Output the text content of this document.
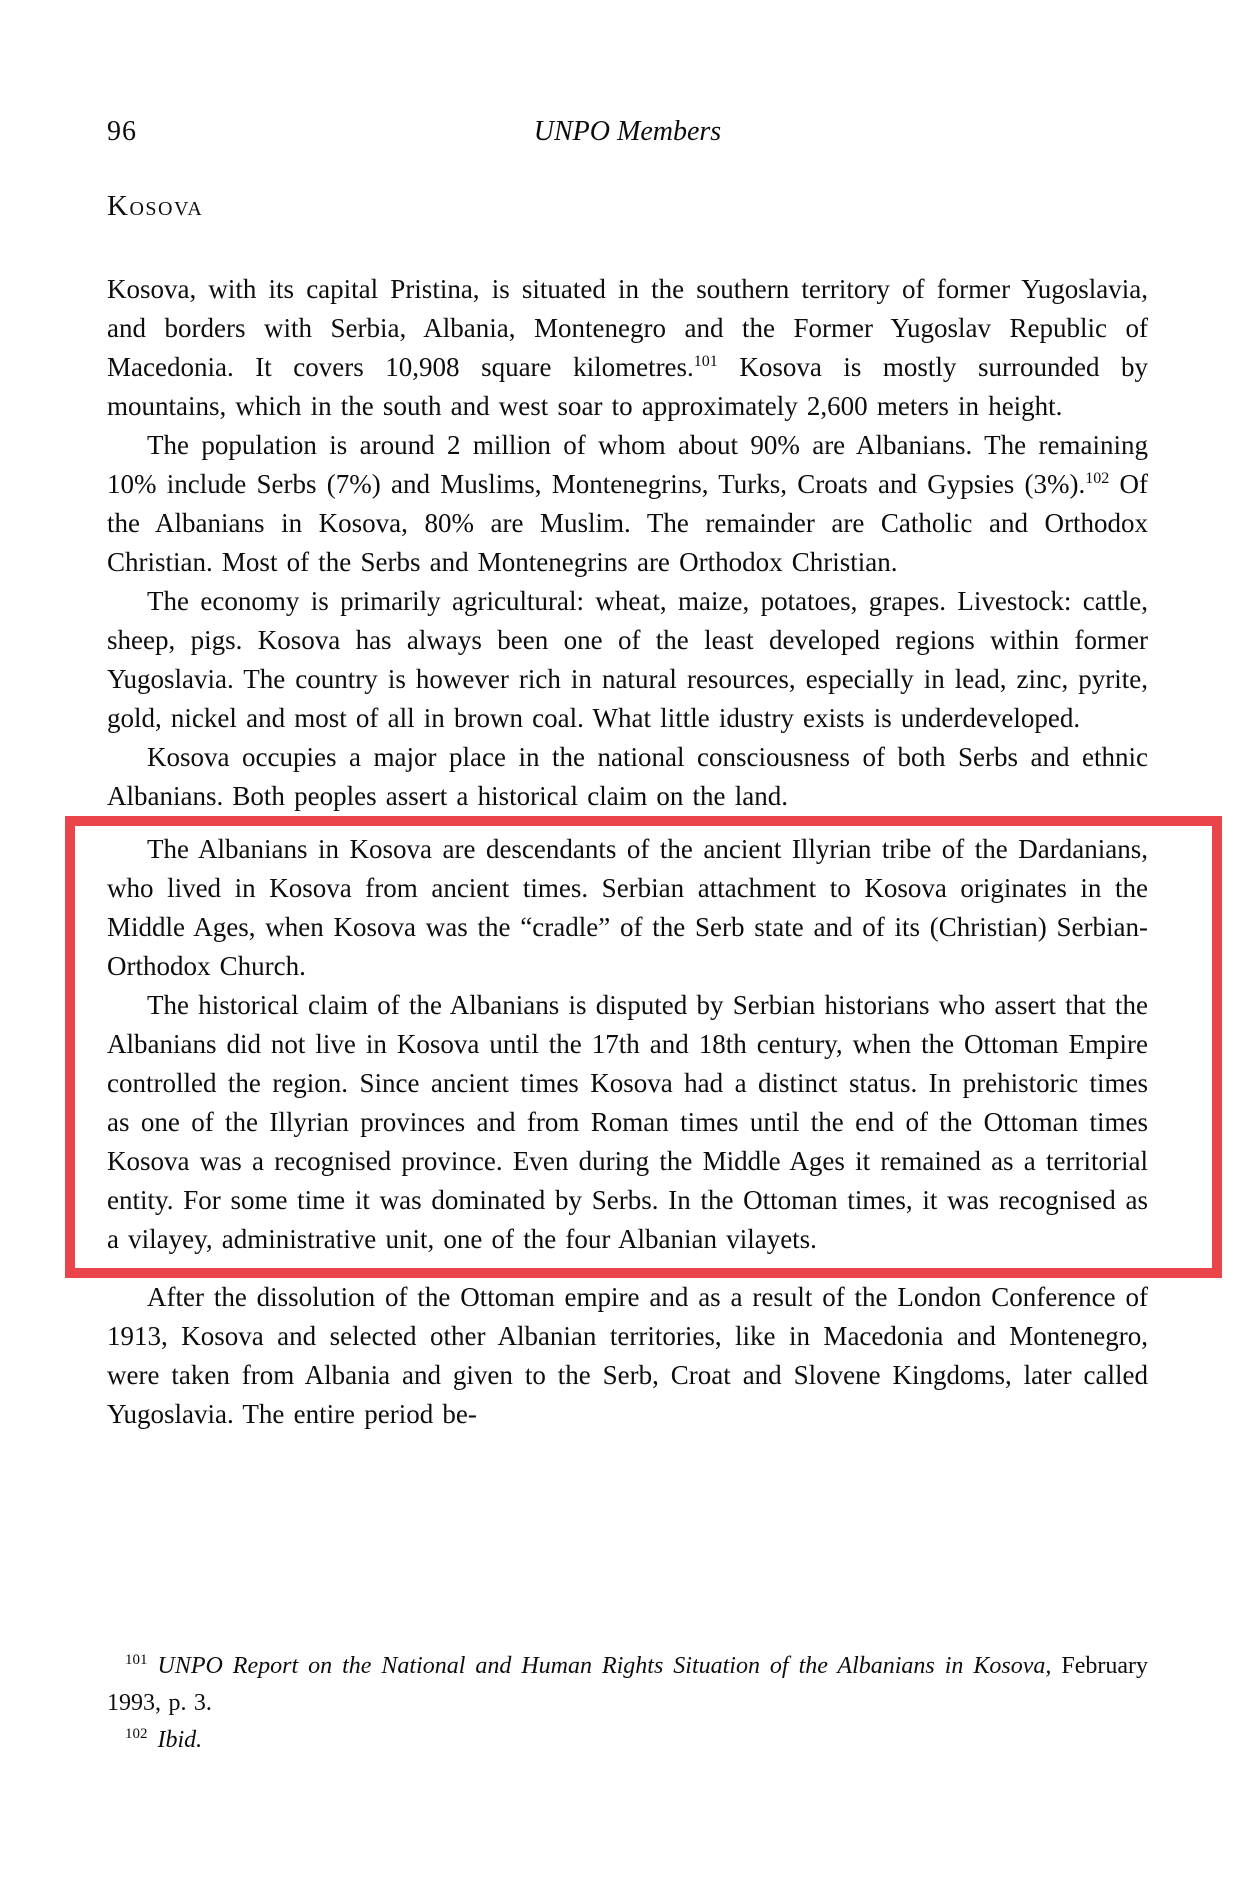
96	UNPO Members
Kosova

Kosova, with its capital Pristina, is situated in the southern territory of former Yugoslavia, and borders with Serbia, Albania, Montenegro and the Former Yugoslav Republic of Macedonia. It covers 10,908 square kilometres.$^{101}$ Kosova is mostly surrounded by mountains, which in the south and west soar to approximately 2,600 meters in height.

The population is around 2 million of whom about 90% are Albanians. The remaining 10% include Serbs (7%) and Muslims, Montenegrins, Turks, Croats and Gypsies (3%).$^{102}$ Of the Albanians in Kosova, 80% are Muslim. The remainder are Catholic and Orthodox Christian. Most of the Serbs and Montenegrins are Orthodox Christian.

The economy is primarily agricultural: wheat, maize, potatoes, grapes. Livestock: cattle, sheep, pigs. Kosova has always been one of the least developed regions within former Yugoslavia. The country is however rich in natural resources, especially in lead, zinc, pyrite, gold, nickel and most of all in brown coal. What little idustry exists is underdeveloped.

Kosova occupies a major place in the national consciousness of both Serbs and ethnic Albanians. Both peoples assert a historical claim on the land.

The Albanians in Kosova are descendants of the ancient Illyrian tribe of the Dardanians, who lived in Kosova from ancient times. Serbian attachment to Kosova originates in the Middle Ages, when Kosova was the “cradle” of the Serb state and of its (Christian) Serbian-Orthodox Church.

The historical claim of the Albanians is disputed by Serbian historians who assert that the Albanians did not live in Kosova until the 17th and 18th century, when the Ottoman Empire controlled the region. Since ancient times Kosova had a distinct status. In prehistoric times as one of the Illyrian provinces and from Roman times until the end of the Ottoman times Kosova was a recognised province. Even during the Middle Ages it remained as a territorial entity. For some time it was dominated by Serbs. In the Ottoman times, it was recognised as a vilayey, administrative unit, one of the four Albanian vilayets.

After the dissolution of the Ottoman empire and as a result of the London Conference of 1913, Kosova and selected other Albanian territories, like in Macedonia and Montenegro, were taken from Albania and given to the Serb, Croat and Slovene Kingdoms, later called Yugoslavia. The entire period be-

$^{101}$ UNPO Report on the National and Human Rights Situation of the Albanians in Kosova, February 1993, p. 3.

$^{102}$ Ibid.
